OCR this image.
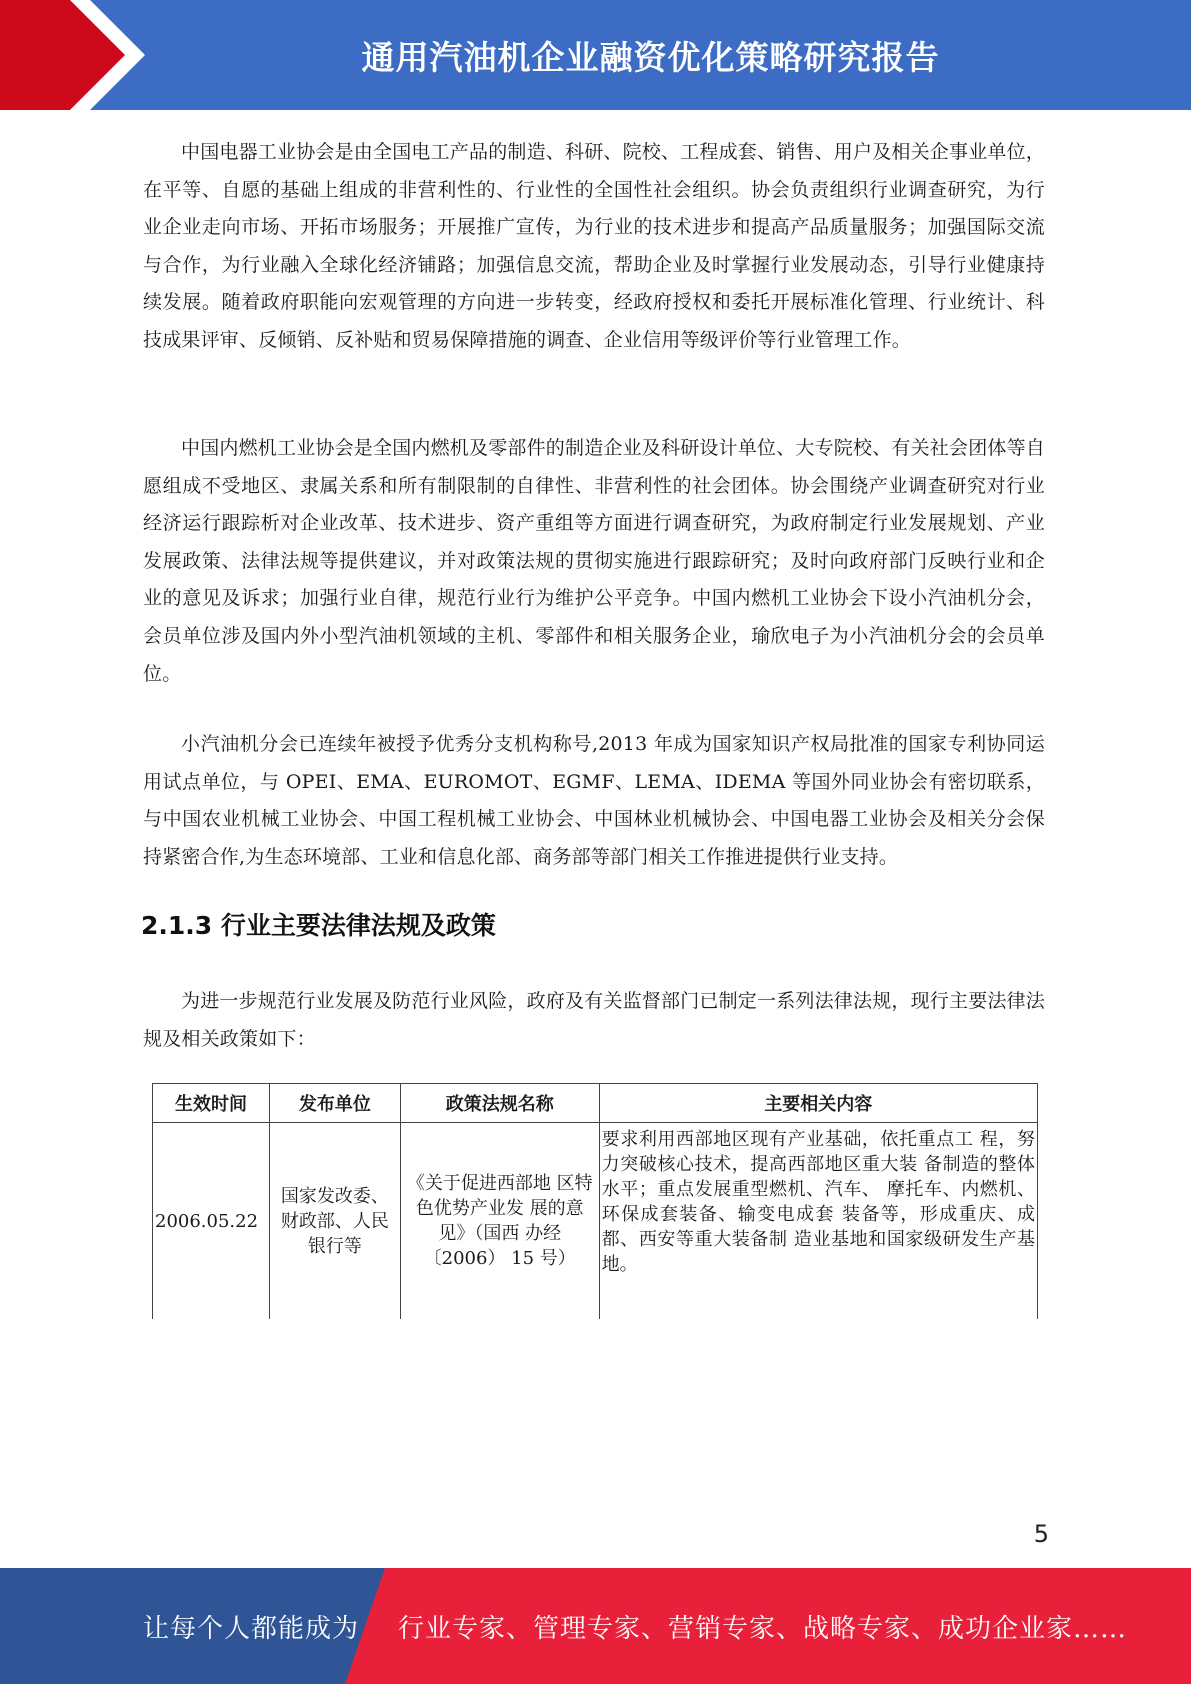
通用汽油机企业融资优化策略研究报告

中国电器工业协会是由全国电工产品的制造、科研、院校、工程成套、销售、用户及相关企事业单位，在平等、自愿的基础上组成的非营利性的、行业性的全国性社会组织。协会负责组织行业调查研究，为行业企业走向市场、开拓市场服务；开展推广宣传，为行业的技术进步和提高产品质量服务；加强国际交流与合作，为行业融入全球化经济铺路；加强信息交流，帮助企业及时掌握行业发展动态，引导行业健康持续发展。随着政府职能向宏观管理的方向进一步转变，经政府授权和委托开展标准化管理、行业统计、科技成果评审、反倾销、反补贴和贸易保障措施的调查、企业信用等级评价等行业管理工作。

中国内燃机工业协会是全国内燃机及零部件的制造企业及科研设计单位、大专院校、有关社会团体等自愿组成不受地区、隶属关系和所有制限制的自律性、非营利性的社会团体。协会围绕产业调查研究对行业经济运行跟踪析对企业改革、技术进步、资产重组等方面进行调查研究，为政府制定行业发展规划、产业发展政策、法律法规等提供建议，并对政策法规的贯彻实施进行跟踪研究；及时向政府部门反映行业和企业的意见及诉求；加强行业自律，规范行业行为维护公平竞争。中国内燃机工业协会下设小汽油机分会，会员单位涉及国内外小型汽油机领域的主机、零部件和相关服务企业，瑜欣电子为小汽油机分会的会员单位。

小汽油机分会已连续年被授予优秀分支机构称号,2013 年成为国家知识产权局批准的国家专利协同运用试点单位，与 OPEI、EMA、EUROMOT、EGMF、LEMA、IDEMA 等国外同业协会有密切联系，与中国农业机械工业协会、中国工程机械工业协会、中国林业机械协会、中国电器工业协会及相关分会保持紧密合作,为生态环境部、工业和信息化部、商务部等部门相关工作推进提供行业支持。

2.1.3 行业主要法律法规及政策

为进一步规范行业发展及防范行业风险，政府及有关监督部门已制定一系列法律法规，现行主要法律法规及相关政策如下：

生效时间	发布单位	政策法规名称	主要相关内容
2006.05.22	国家发改委、财政部、人民银行等	《关于促进西部地 区特色优势产业发 展的意见》（国西 办经〔2006） 15 号）	要求利用西部地区现有产业基础，依托重点工 程，努力突破核心技术，提高西部地区重大装 备制造的整体水平；重点发展重型燃机、汽车、 摩托车、内燃机、环保成套装备、输变电成套 装备等，形成重庆、成都、西安等重大装备制 造业基地和国家级研发生产基地。
5
让每个人都能成为 行业专家、管理专家、营销专家、战略专家、成功企业家……
